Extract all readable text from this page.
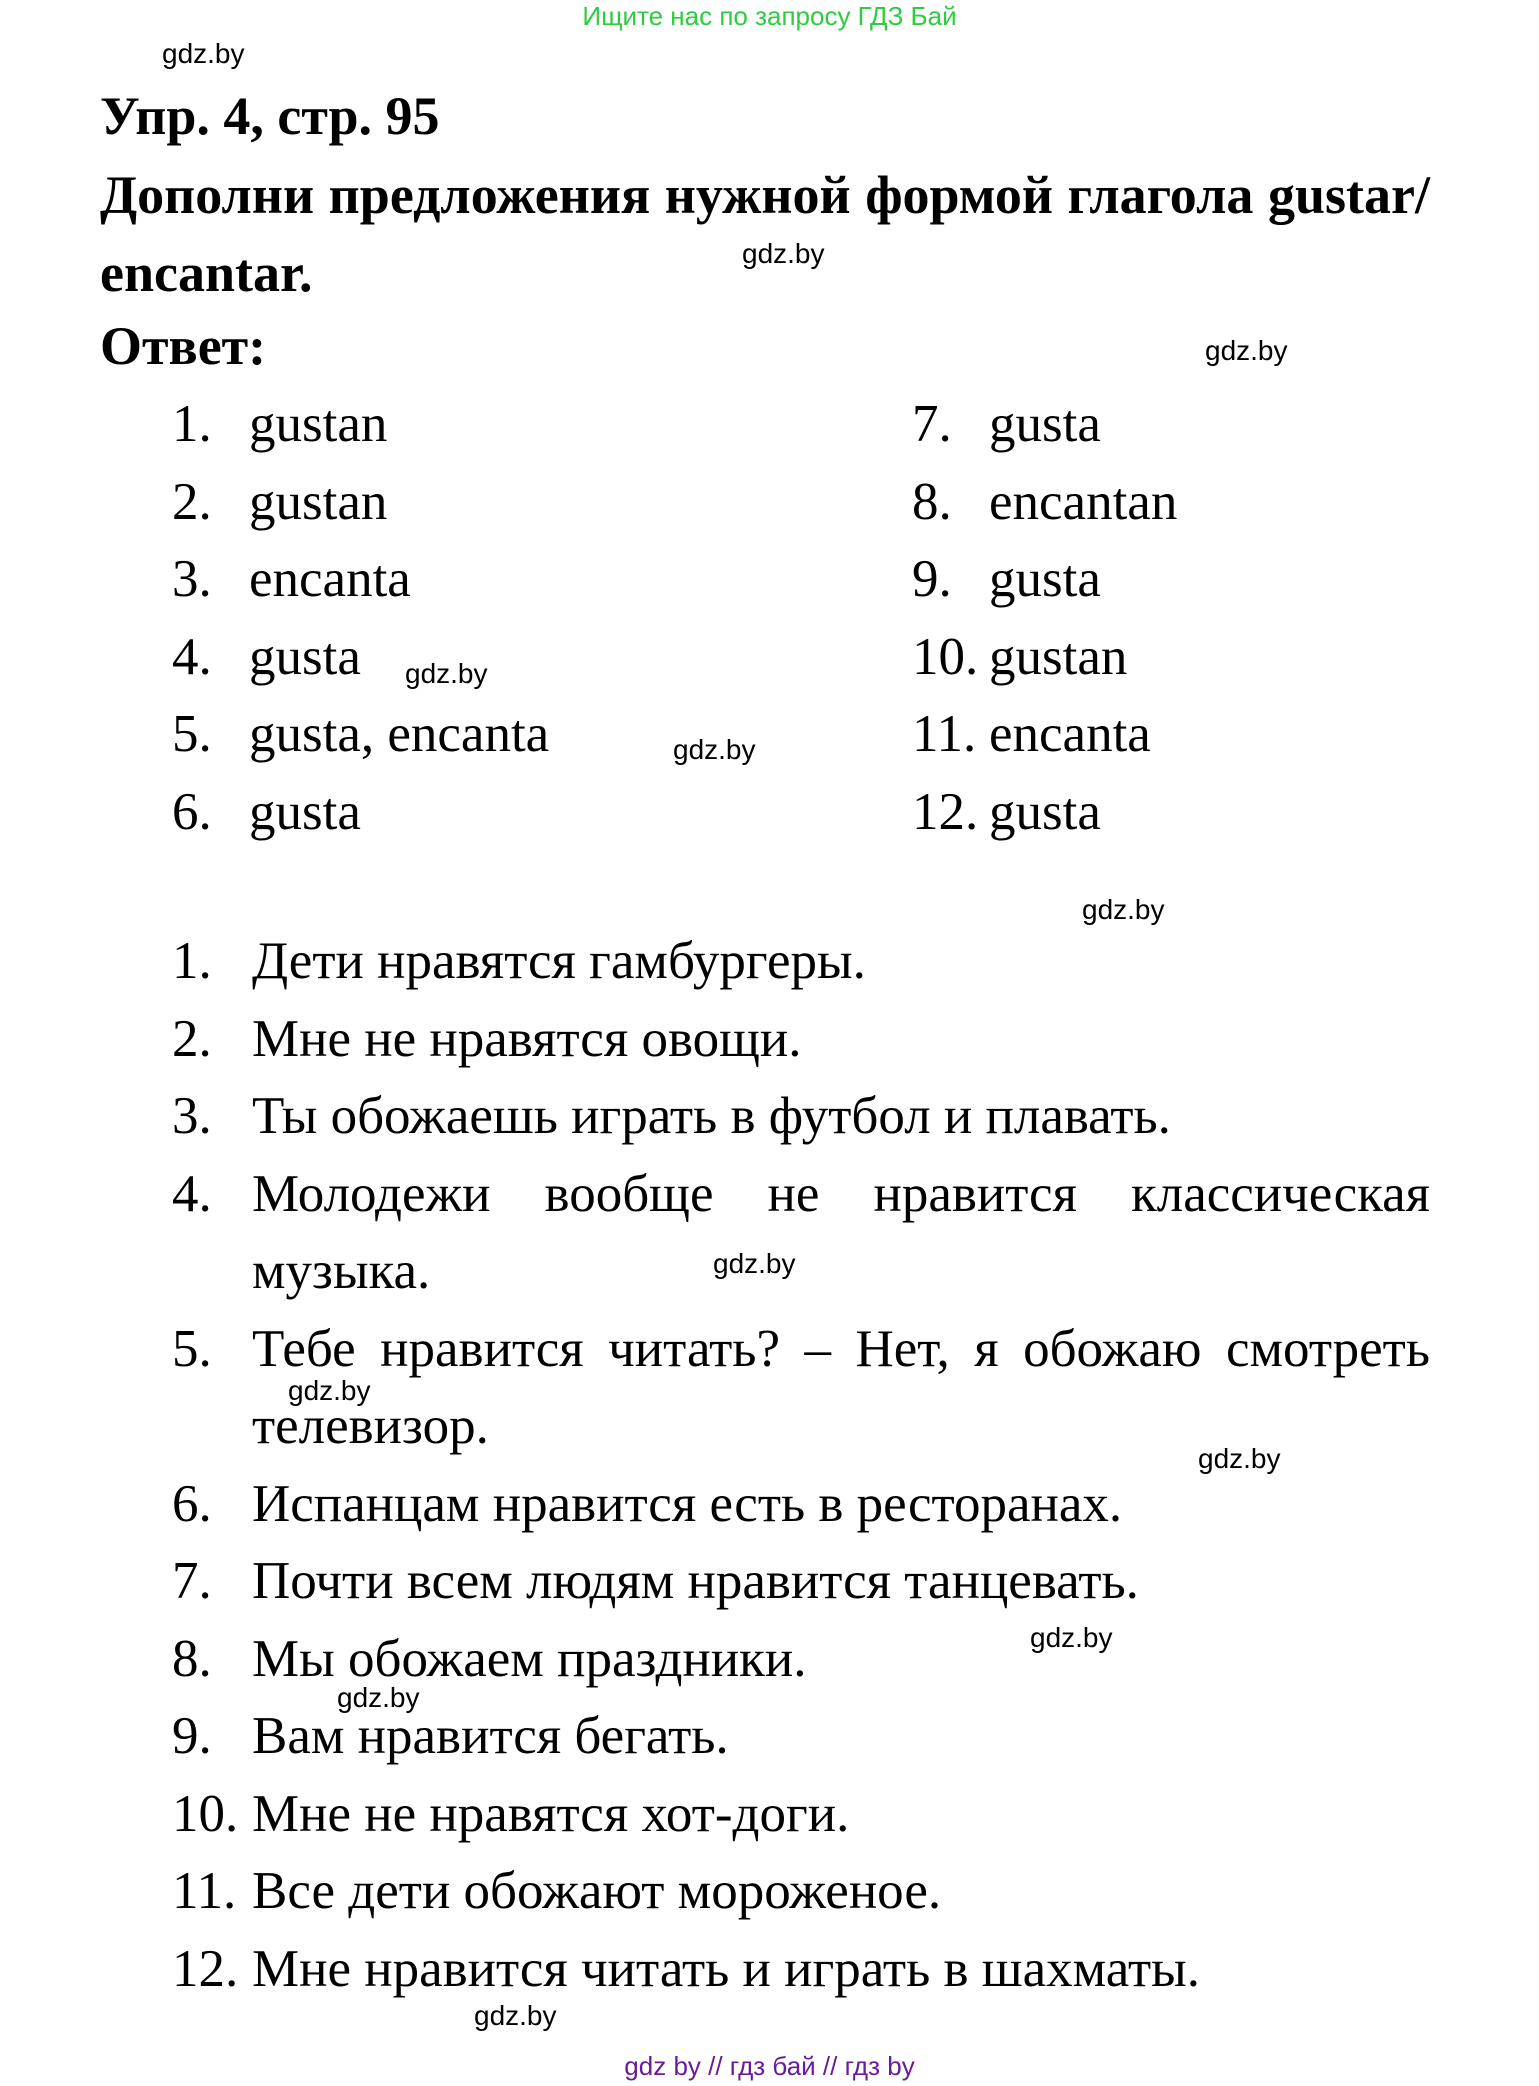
Ищите нас по запросу ГДЗ Бай
gdz.by
gdz.by
gdz.by
gdz.by
gdz.by
gdz.by
gdz.by
gdz.by
gdz.by
gdz.by
gdz.by
gdz.by
Упр. 4, стр. 95
Дополни предложения нужной формой глагола gustar/ encantar.
Ответ:
1. gustan
2. gustan
3. encanta
4. gusta
5. gusta, encanta
6. gusta
7. gusta
8. encantan
9. gusta
10. gustan
11. encanta
12. gusta
1. Дети нравятся гамбургеры.
2. Мне не нравятся овощи.
3. Ты обожаешь играть в футбол и плавать.
4. Молодежи вообще не нравится классическая музыка.
5. Тебе нравится читать? – Нет, я обожаю смотреть телевизор.
6. Испанцам нравится есть в ресторанах.
7. Почти всем людям нравится танцевать.
8. Мы обожаем праздники.
9. Вам нравится бегать.
10. Мне не нравятся хот-доги.
11. Все дети обожают мороженое.
12. Мне нравится читать и играть в шахматы.
gdz by // гдз бай // гдз by
